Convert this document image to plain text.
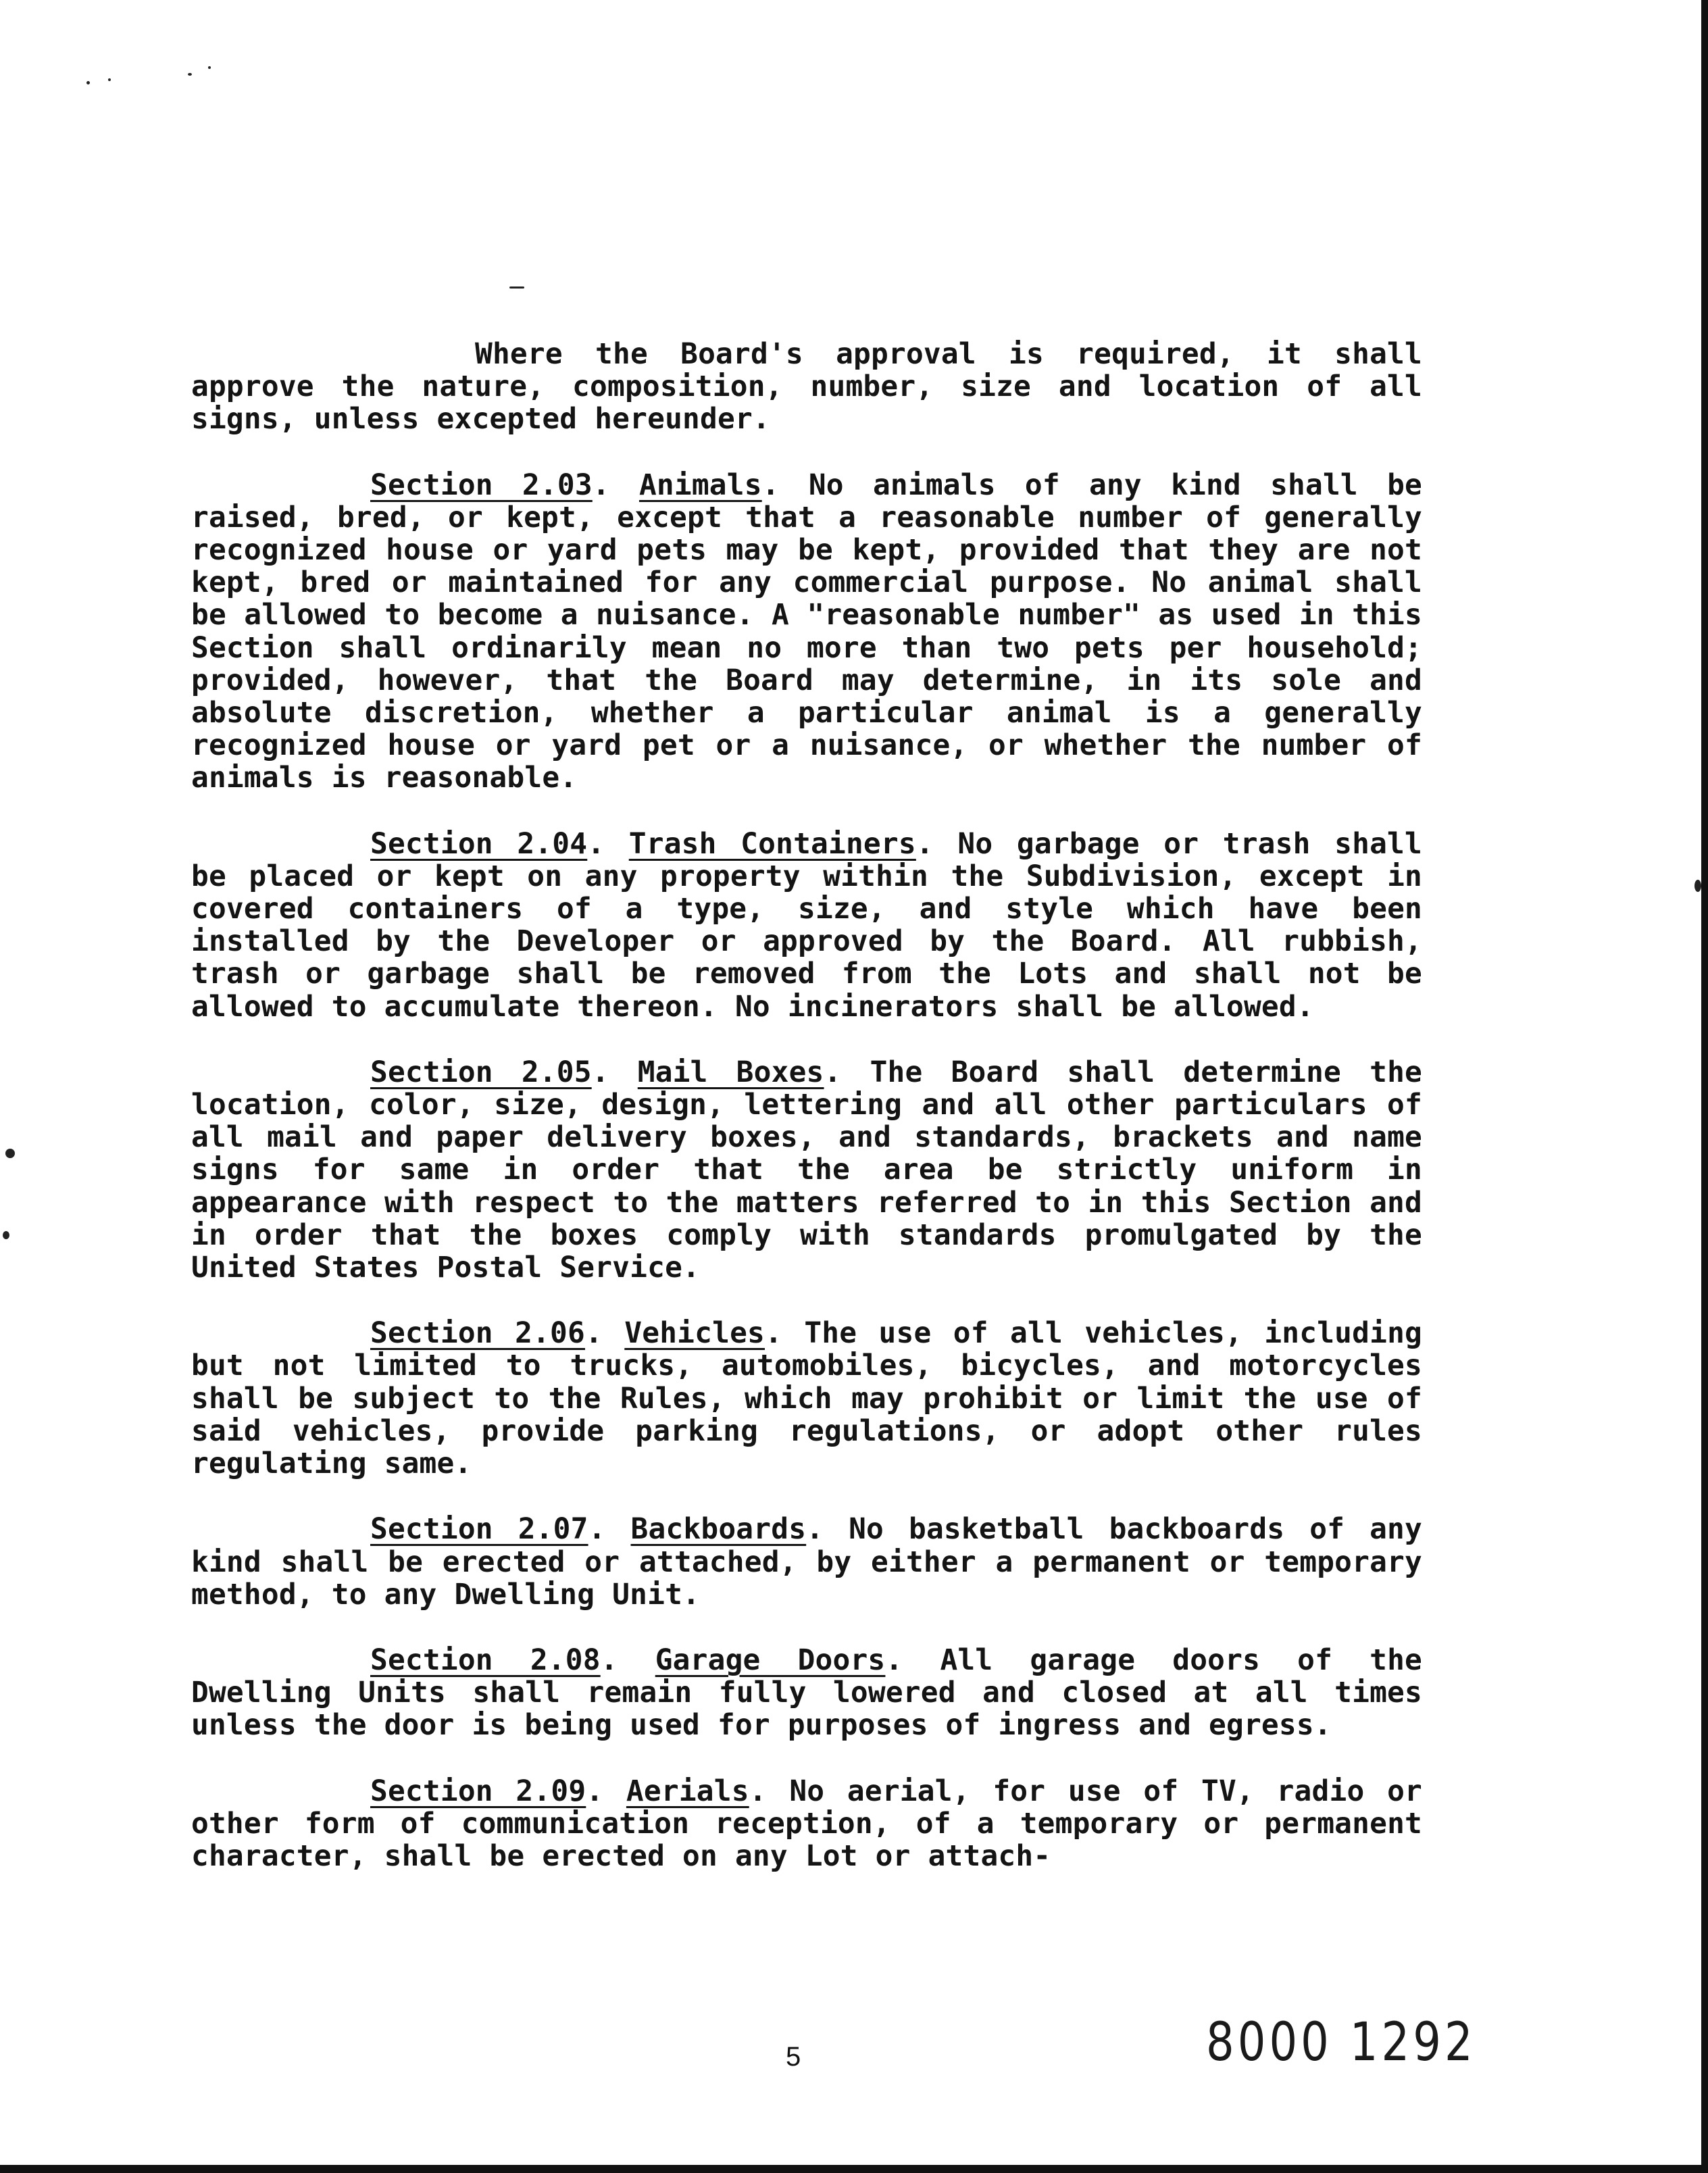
Where the Board's approval is required, it shall approve the nature, composition, number, size and location of all signs, unless excepted hereunder.

Section 2.03. Animals. No animals of any kind shall be raised, bred, or kept, except that a reasonable number of generally recognized house or yard pets may be kept, provided that they are not kept, bred or maintained for any commercial purpose. No animal shall be allowed to become a nuisance. A "reasonable number" as used in this Section shall ordinarily mean no more than two pets per household; provided, however, that the Board may determine, in its sole and absolute discretion, whether a particular animal is a generally recognized house or yard pet or a nuisance, or whether the number of animals is reasonable.

Section 2.04. Trash Containers. No garbage or trash shall be placed or kept on any property within the Subdivision, except in covered containers of a type, size, and style which have been installed by the Developer or approved by the Board. All rubbish, trash or garbage shall be removed from the Lots and shall not be allowed to accumulate thereon. No incinerators shall be allowed.

Section 2.05. Mail Boxes. The Board shall determine the location, color, size, design, lettering and all other particulars of all mail and paper delivery boxes, and standards, brackets and name signs for same in order that the area be strictly uniform in appearance with respect to the matters referred to in this Section and in order that the boxes comply with standards promulgated by the United States Postal Service.

Section 2.06. Vehicles. The use of all vehicles, including but not limited to trucks, automobiles, bicycles, and motorcycles shall be subject to the Rules, which may prohibit or limit the use of said vehicles, provide parking regulations, or adopt other rules regulating same.

Section 2.07. Backboards. No basketball backboards of any kind shall be erected or attached, by either a permanent or temporary method, to any Dwelling Unit.

Section 2.08. Garage Doors. All garage doors of the Dwelling Units shall remain fully lowered and closed at all times unless the door is being used for purposes of ingress and egress.

Section 2.09. Aerials. No aerial, for use of TV, radio or other form of communication reception, of a temporary or permanent character, shall be erected on any Lot or attach-

5	8000 1292
